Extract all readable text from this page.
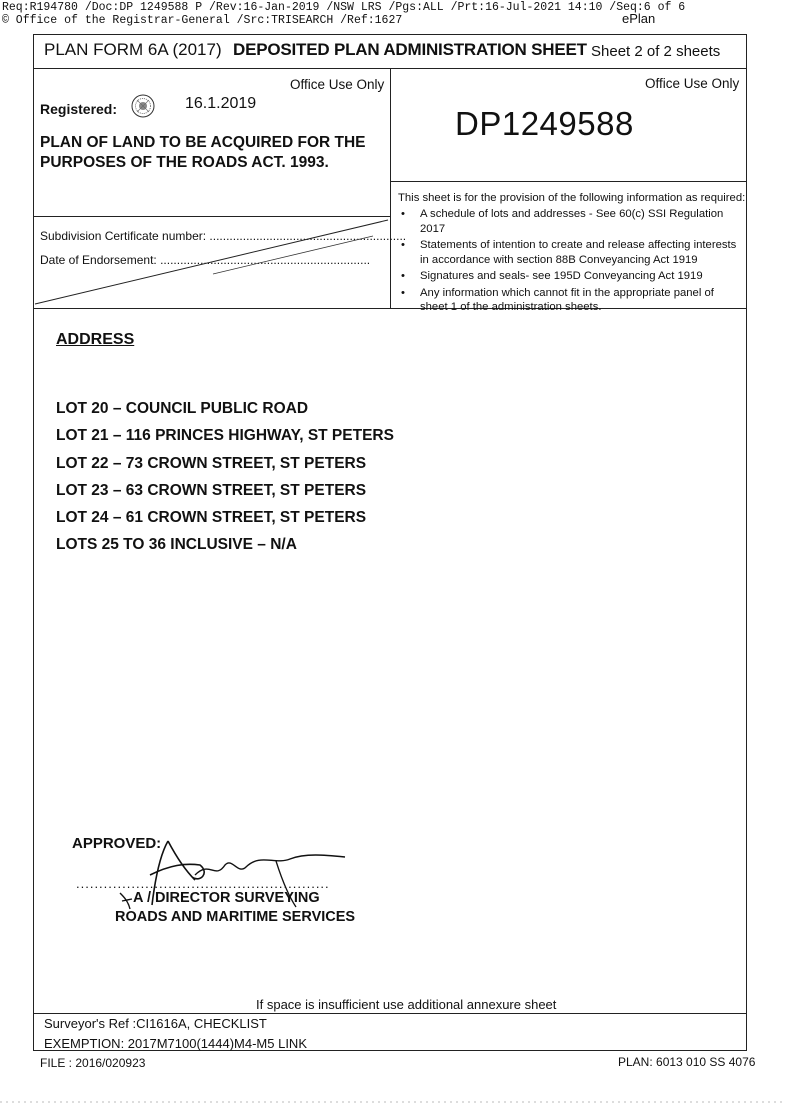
Req:R194780 /Doc:DP 1249588 P /Rev:16-Jan-2019 /NSW LRS /Pgs:ALL /Prt:16-Jul-2021 14:10 /Seq:6 of 6
© Office of the Registrar-General /Src:TRISEARCH /Ref:1627	ePlan
PLAN FORM 6A (2017) DEPOSITED PLAN ADMINISTRATION SHEET Sheet 2 of 2 sheets
Office Use Only
Registered:	16.1.2019
PLAN OF LAND TO BE ACQUIRED FOR THE PURPOSES OF THE ROADS ACT. 1993.
Subdivision Certificate number: ...........................................................
Date of Endorsement: ...............................................................
Office Use Only
DP1249588
This sheet is for the provision of the following information as required:
• A schedule of lots and addresses - See 60(c) SSI Regulation 2017
• Statements of intention to create and release affecting interests in accordance with section 88B Conveyancing Act 1919
• Signatures and seals- see 195D Conveyancing Act 1919
• Any information which cannot fit in the appropriate panel of sheet 1 of the administration sheets.
ADDRESS
LOT 20 – COUNCIL PUBLIC ROAD
LOT 21 – 116 PRINCES HIGHWAY, ST PETERS
LOT 22 – 73 CROWN STREET, ST PETERS
LOT 23 – 63 CROWN STREET, ST PETERS
LOT 24 – 61 CROWN STREET, ST PETERS
LOTS 25 TO 36 INCLUSIVE – N/A
APPROVED:
.......................................................
A / DIRECTOR SURVEYING
ROADS AND MARITIME SERVICES
If space is insufficient use additional annexure sheet
Surveyor's Ref :CI1616A, CHECKLIST
EXEMPTION: 2017M7100(1444)M4-M5 LINK
FILE : 2016/020923	PLAN: 6013 010 SS 4076
